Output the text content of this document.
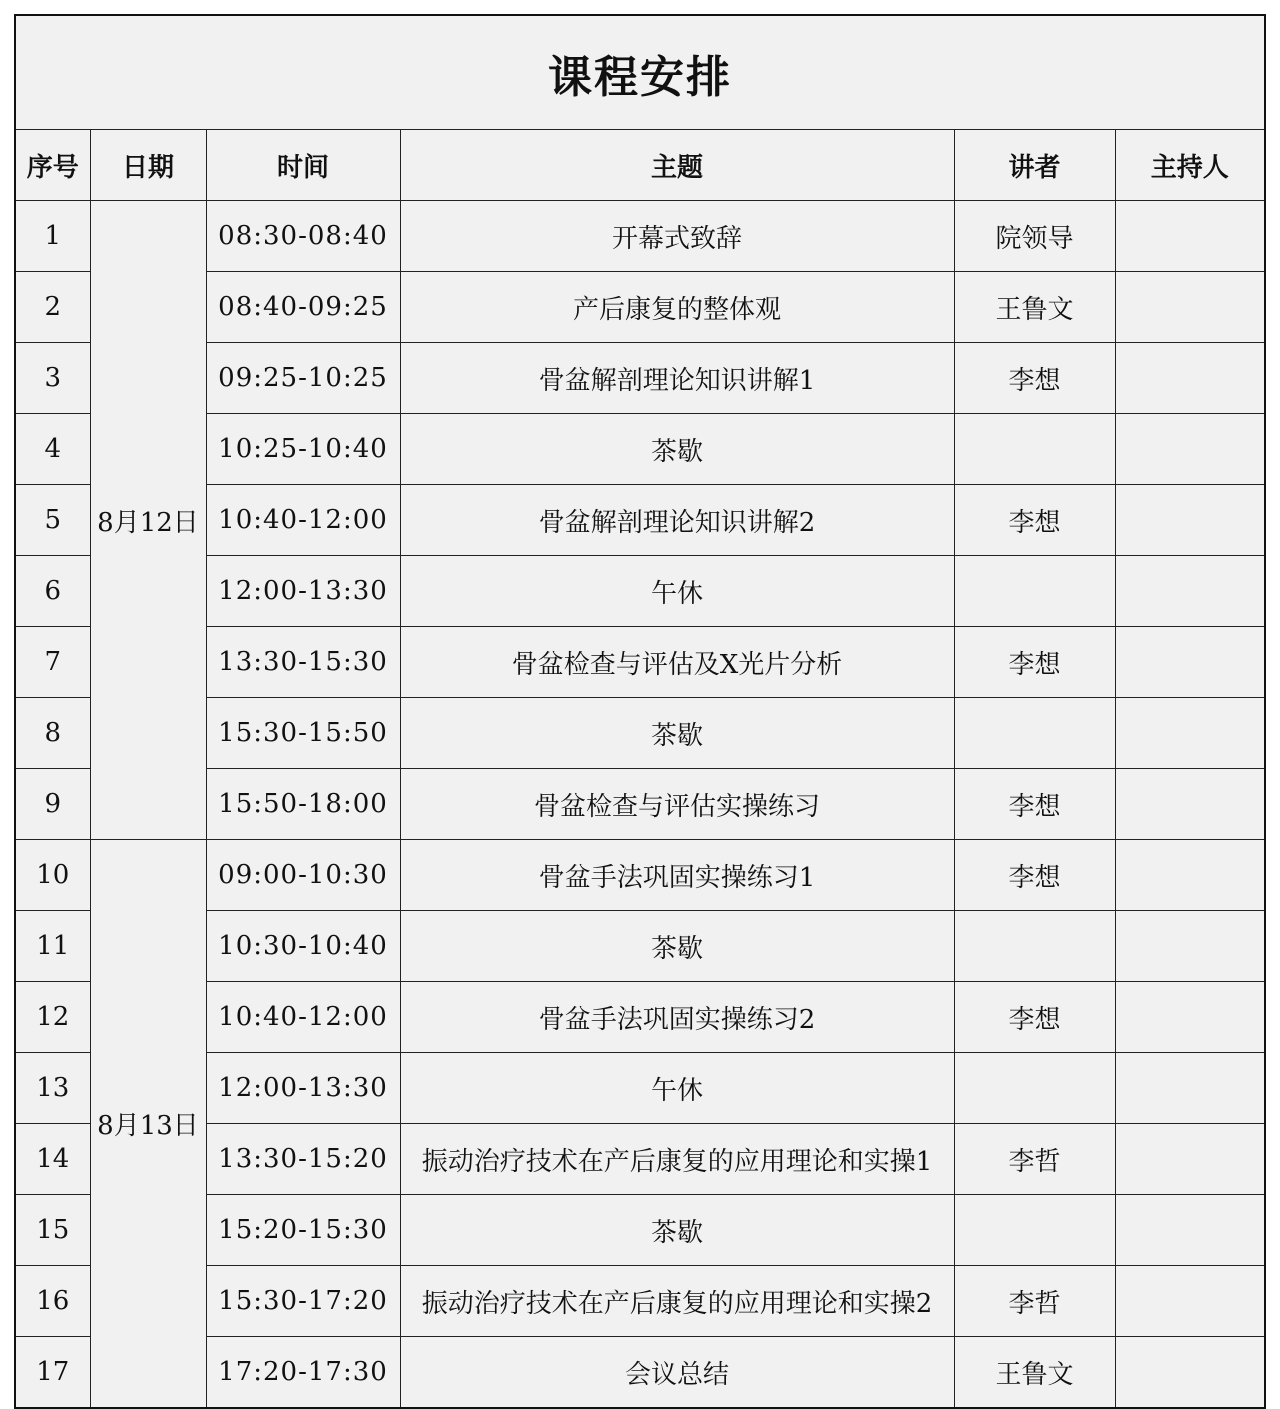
课程安排					
序号	日期	时间	主题	讲者	主持人
1	8月12日	08:30-08:40	开幕式致辞	院领导	
2		08:40-09:25	产后康复的整体观	王鲁文	
3		09:25-10:25	骨盆解剖理论知识讲解1	李想	
4		10:25-10:40	茶歇		
5		10:40-12:00	骨盆解剖理论知识讲解2	李想	
6		12:00-13:30	午休		
7		13:30-15:30	骨盆检查与评估及X光片分析	李想	
8		15:30-15:50	茶歇		
9		15:50-18:00	骨盆检查与评估实操练习	李想	
10	8月13日	09:00-10:30	骨盆手法巩固实操练习1	李想	
11		10:30-10:40	茶歇		
12		10:40-12:00	骨盆手法巩固实操练习2	李想	
13		12:00-13:30	午休		
14		13:30-15:20	振动治疗技术在产后康复的应用理论和实操1	李哲	
15		15:20-15:30	茶歇		
16		15:30-17:20	振动治疗技术在产后康复的应用理论和实操2	李哲	
17		17:20-17:30	会议总结	王鲁文	
